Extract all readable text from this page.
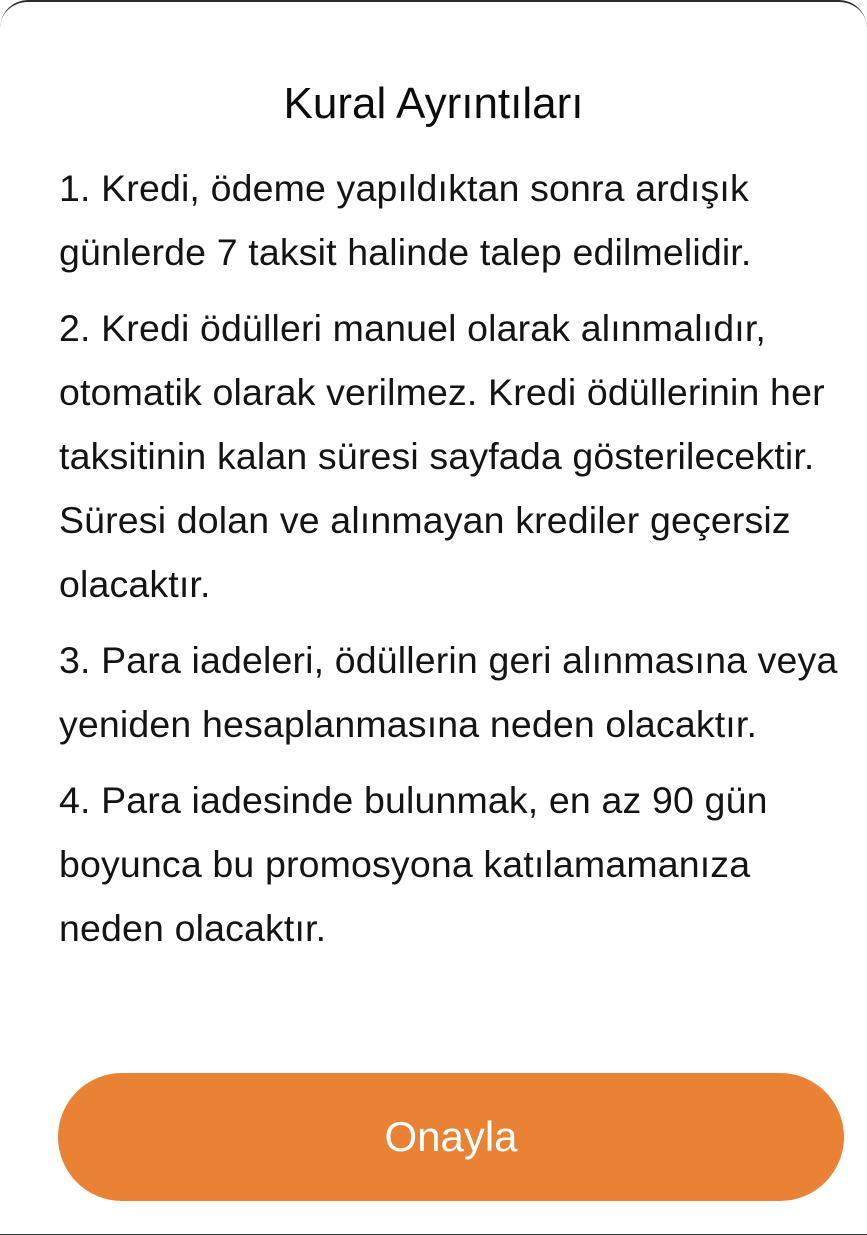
Kural Ayrıntıları

1. Kredi, ödeme yapıldıktan sonra ardışık günlerde 7 taksit halinde talep edilmelidir.

2. Kredi ödülleri manuel olarak alınmalıdır, otomatik olarak verilmez. Kredi ödüllerinin her taksitinin kalan süresi sayfada gösterilecektir. Süresi dolan ve alınmayan krediler geçersiz olacaktır.

3. Para iadeleri, ödüllerin geri alınmasına veya yeniden hesaplanmasına neden olacaktır.

4. Para iadesinde bulunmak, en az 90 gün boyunca bu promosyona katılamamanıza neden olacaktır.

Onayla
